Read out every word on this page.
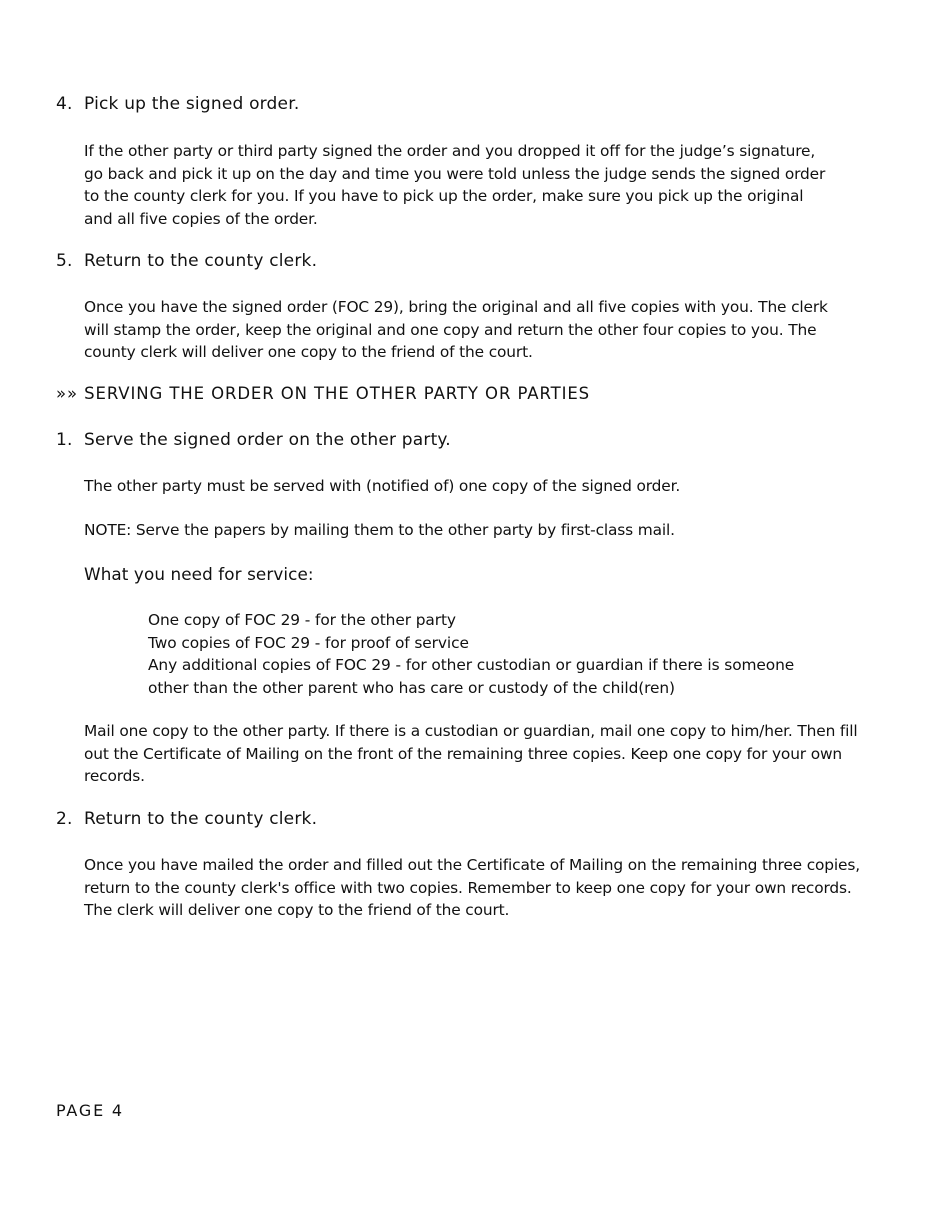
4. Pick up the signed order.
If the other party or third party signed the order and you dropped it off for the judge’s signature,
go back and pick it up on the day and time you were told unless the judge sends the signed order
to the county clerk for you. If you have to pick up the order, make sure you pick up the original
and all five copies of the order.
5. Return to the county clerk.
Once you have the signed order (FOC 29), bring the original and all five copies with you. The clerk
will stamp the order, keep the original and one copy and return the other four copies to you. The
county clerk will deliver one copy to the friend of the court.
»» SERVING THE ORDER ON THE OTHER PARTY OR PARTIES
1. Serve the signed order on the other party.
The other party must be served with (notified of) one copy of the signed order.
NOTE: Serve the papers by mailing them to the other party by first-class mail.
What you need for service:
One copy of FOC 29 - for the other party
Two copies of FOC 29 - for proof of service
Any additional copies of FOC 29 - for other custodian or guardian if there is someone
other than the other parent who has care or custody of the child(ren)
Mail one copy to the other party. If there is a custodian or guardian, mail one copy to him/her. Then fill
out the Certificate of Mailing on the front of the remaining three copies. Keep one copy for your own
records.
2. Return to the county clerk.
Once you have mailed the order and filled out the Certificate of Mailing on the remaining three copies,
return to the county clerk's office with two copies. Remember to keep one copy for your own records.
The clerk will deliver one copy to the friend of the court.
PAGE 4
